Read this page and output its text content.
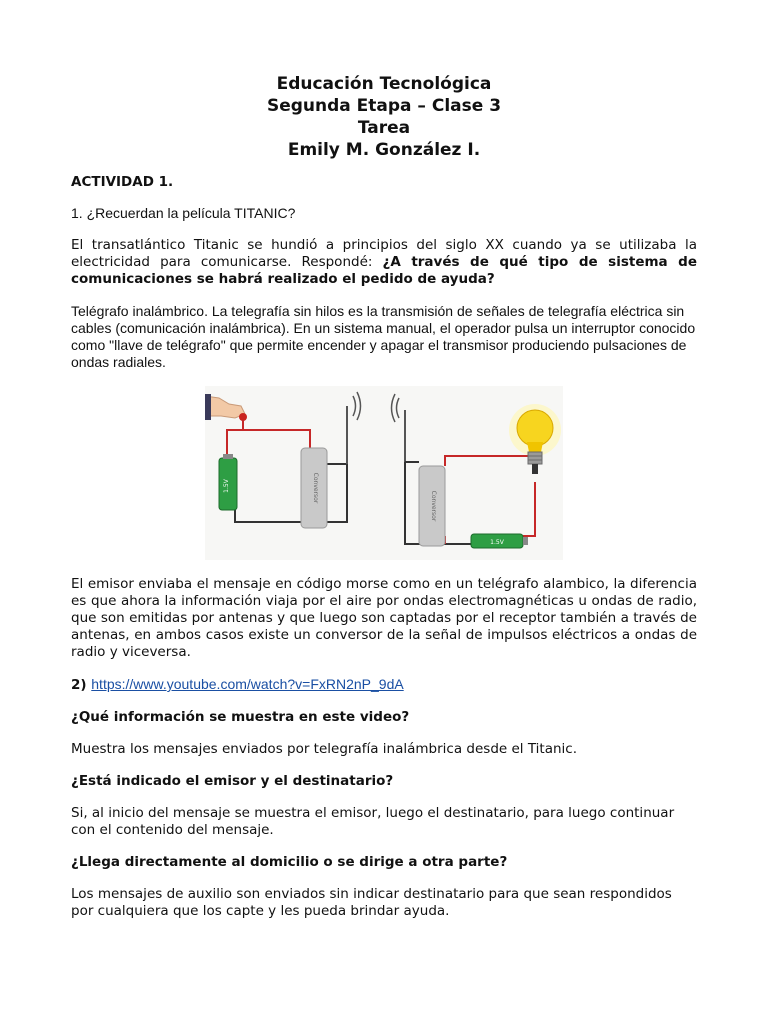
Educación Tecnológica
Segunda Etapa – Clase 3
Tarea
Emily M. González I.
ACTIVIDAD 1.

1. ¿Recuerdan la película TITANIC?

El transatlántico Titanic se hundió a principios del siglo XX cuando ya se utilizaba la electricidad para comunicarse. Respondé: ¿A través de qué tipo de sistema de comunicaciones se habrá realizado el pedido de ayuda?

Telégrafo inalámbrico. La telegrafía sin hilos es la transmisión de señales de telegrafía eléctrica sin cables (comunicación inalámbrica). En un sistema manual, el operador pulsa un interruptor conocido como "llave de telégrafo" que permite encender y apagar el transmisor produciendo pulsaciones de ondas radiales.

1.5V	Conversor
Conversor
1.5V

El emisor enviaba el mensaje en código morse como en un telégrafo alambico, la diferencia es que ahora la información viaja por el aire por ondas electromagnéticas u ondas de radio, que son emitidas por antenas y que luego son captadas por el receptor también a través de antenas, en ambos casos existe un conversor de la señal de impulsos eléctricos a ondas de radio y viceversa.

2) https://www.youtube.com/watch?v=FxRN2nP_9dA

¿Qué información se muestra en este video?

Muestra los mensajes enviados por telegrafía inalámbrica desde el Titanic.

¿Está indicado el emisor y el destinatario?

Si, al inicio del mensaje se muestra el emisor, luego el destinatario, para luego continuar con el contenido del mensaje.

¿Llega directamente al domicilio o se dirige a otra parte?

Los mensajes de auxilio son enviados sin indicar destinatario para que sean respondidos por cualquiera que los capte y les pueda brindar ayuda.
